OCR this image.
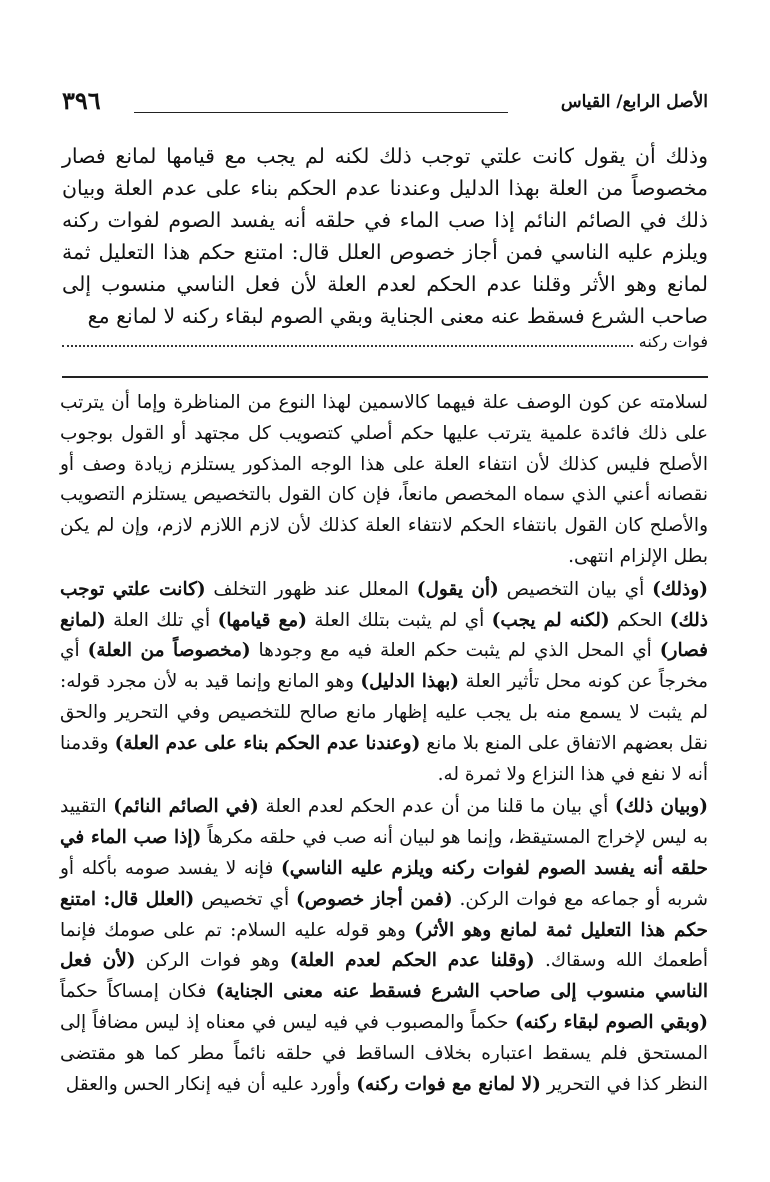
٣٩٦	الأصل الرابع/ القياس

وذلك أن يقول كانت علتي توجب ذلك لكنه لم يجب مع قيامها لمانع فصار مخصوصاً من العلة بهذا الدليل وعندنا عدم الحكم بناء على عدم العلة وبيان ذلك في الصائم النائم إذا صب الماء في حلقه أنه يفسد الصوم لفوات ركنه ويلزم عليه الناسي فمن أجاز خصوص العلل قال: امتنع حكم هذا التعليل ثمة لمانع وهو الأثر وقلنا عدم الحكم لعدم العلة لأن فعل الناسي منسوب إلى صاحب الشرع فسقط عنه معنى الجناية وبقي الصوم لبقاء ركنه لا لمانع مع

فوات ركنه

لسلامته عن كون الوصف علة فيهما كالاسمين لهذا النوع من المناظرة وإما أن يترتب على ذلك فائدة علمية يترتب عليها حكم أصلي كتصويب كل مجتهد أو القول بوجوب الأصلح فليس كذلك لأن انتفاء العلة على هذا الوجه المذكور يستلزم زيادة وصف أو نقصانه أعني الذي سماه المخصص مانعاً، فإن كان القول بالتخصيص يستلزم التصويب والأصلح كان القول بانتفاء الحكم لانتفاء العلة كذلك لأن لازم اللازم لازم، وإن لم يكن بطل الإلزام انتهى.

(وذلك) أي بيان التخصيص (أن يقول) المعلل عند ظهور التخلف (كانت علتي توجب ذلك) الحكم (لكنه لم يجب) أي لم يثبت بتلك العلة (مع قيامها) أي تلك العلة (لمانع فصار) أي المحل الذي لم يثبت حكم العلة فيه مع وجودها (مخصوصاً من العلة) أي مخرجاً عن كونه محل تأثير العلة (بهذا الدليل) وهو المانع وإنما قيد به لأن مجرد قوله: لم يثبت لا يسمع منه بل يجب عليه إظهار مانع صالح للتخصيص وفي التحرير والحق نقل بعضهم الاتفاق على المنع بلا مانع (وعندنا عدم الحكم بناء على عدم العلة) وقدمنا أنه لا نفع في هذا النزاع ولا ثمرة له.

(وبيان ذلك) أي بيان ما قلنا من أن عدم الحكم لعدم العلة (في الصائم النائم) التقييد به ليس لإخراج المستيقظ، وإنما هو لبيان أنه صب في حلقه مكرهاً (إذا صب الماء في حلقه أنه يفسد الصوم لفوات ركنه ويلزم عليه الناسي) فإنه لا يفسد صومه بأكله أو شربه أو جماعه مع فوات الركن. (فمن أجاز خصوص) أي تخصيص (العلل قال: امتنع حكم هذا التعليل ثمة لمانع وهو الأثر) وهو قوله عليه السلام: تم على صومك فإنما أطعمك الله وسقاك. (وقلنا عدم الحكم لعدم العلة) وهو فوات الركن (لأن فعل الناسي منسوب إلى صاحب الشرع فسقط عنه معنى الجناية) فكان إمساكاً حكماً (وبقي الصوم لبقاء ركنه) حكماً والمصبوب في فيه ليس في معناه إذ ليس مضافاً إلى المستحق فلم يسقط اعتباره بخلاف الساقط في حلقه نائماً مطر كما هو مقتضى النظر كذا في التحرير (لا لمانع مع فوات ركنه) وأورد عليه أن فيه إنكار الحس والعقل
